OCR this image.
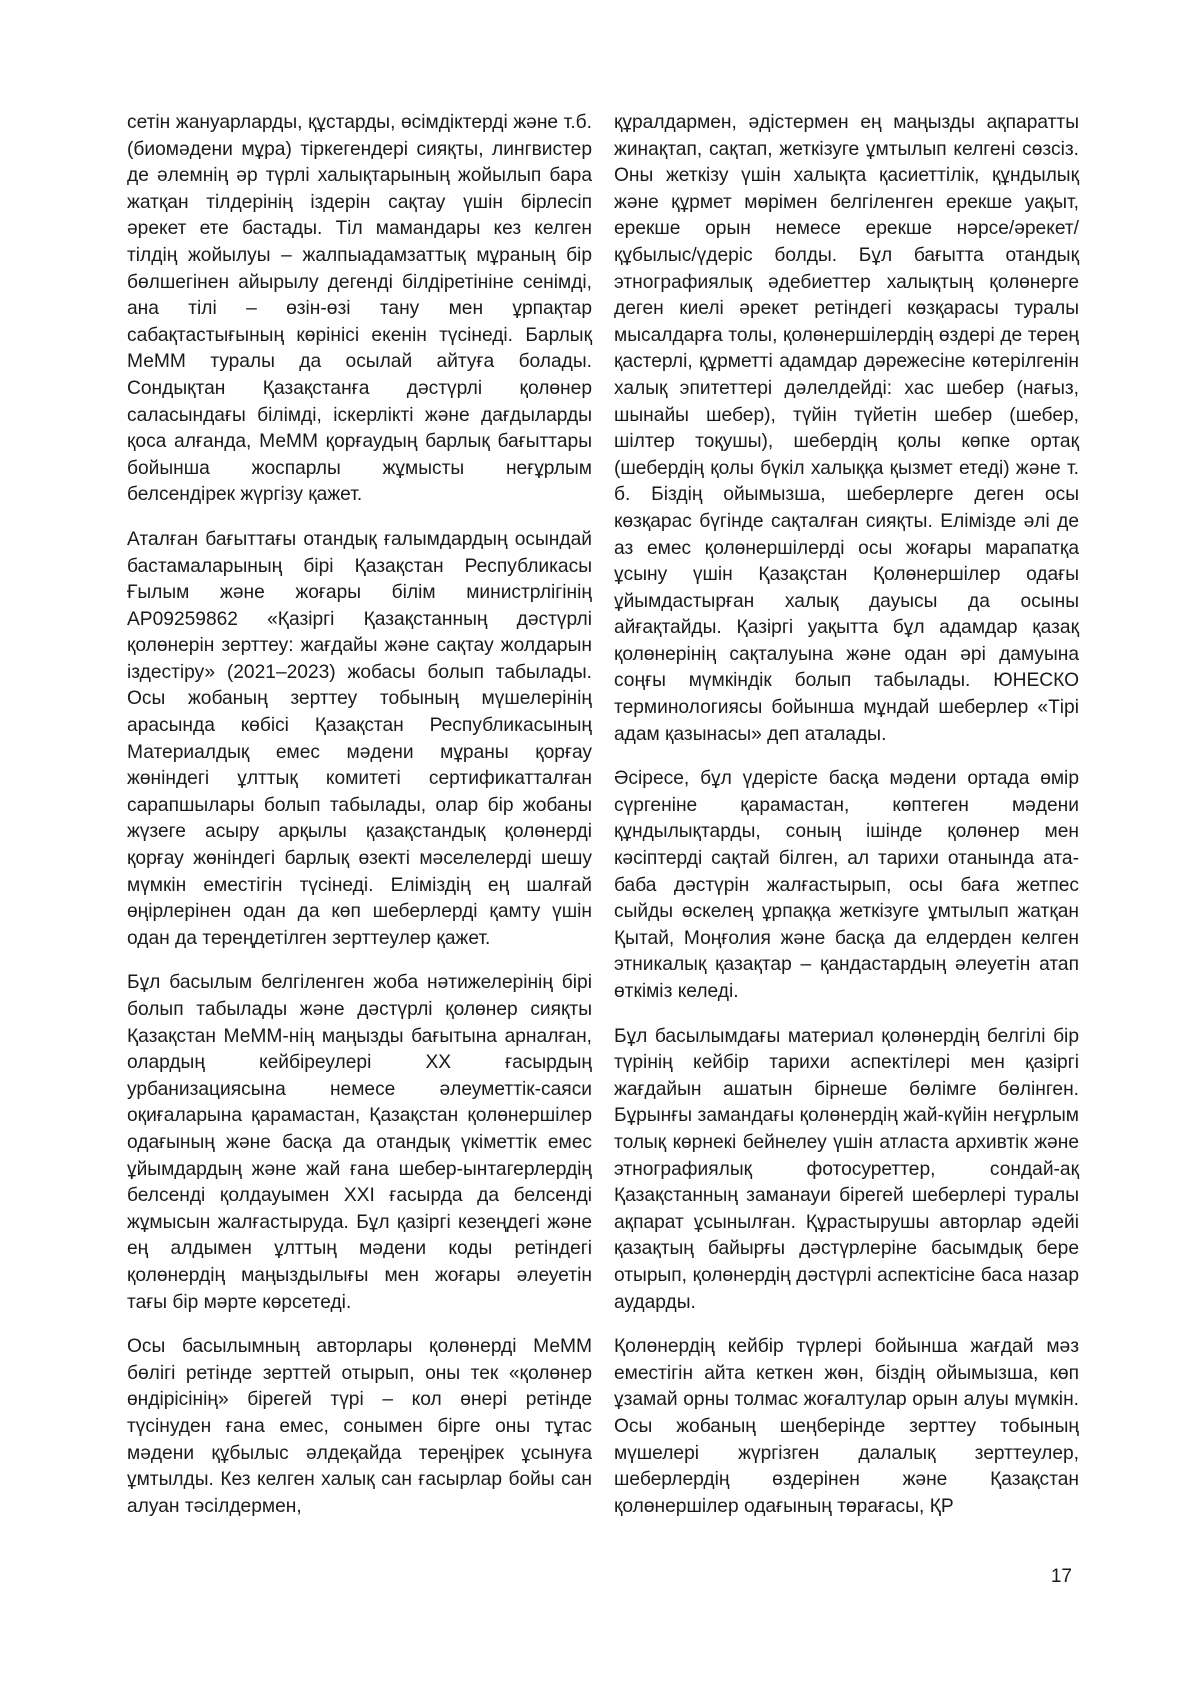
сетін жануарларды, құстарды, өсімдіктерді және т.б. (биомәдени мұра) тіркегендері сияқты, лингвистер де әлемнің әр түрлі халықтарының жойылып бара жатқан тілдерінің іздерін сақтау үшін бірлесіп әрекет ете бастады. Тіл мамандары кез келген тілдің жойылуы – жалпыадамзаттық мұраның бір бөлшегінен айырылу дегенді білдіретініне сенімді, ана тілі – өзін-өзі тану мен ұрпақтар сабақтастығының көрінісі екенін түсінеді. Барлық МеММ туралы да осылай айтуға болады. Сондықтан Қазақстанға дәстүрлі қолөнер саласындағы білімді, іскерлікті және дағдыларды қоса алғанда, МеММ қорғаудың барлық бағыттары бойынша жоспарлы жұмысты неғұрлым белсендірек жүргізу қажет.

Аталған бағыттағы отандық ғалымдардың осындай бастамаларының бірі Қазақстан Республикасы Ғылым және жоғары білім министрлігінің AP09259862 «Қазіргі Қазақстанның дәстүрлі қолөнерін зерттеу: жағдайы және сақтау жолдарын іздестіру» (2021–2023) жобасы болып табылады. Осы жобаның зерттеу тобының мүшелерінің арасында көбісі Қазақстан Республикасының Материалдық емес мәдени мұраны қорғау жөніндегі ұлттық комитеті сертификатталған сарапшылары болып табылады, олар бір жобаны жүзеге асыру арқылы қазақстандық қолөнерді қорғау жөніндегі барлық өзекті мәселелерді шешу мүмкін еместігін түсінеді. Еліміздің ең шалғай өңірлерінен одан да көп шеберлерді қамту үшін одан да тереңдетілген зерттеулер қажет.

Бұл басылым белгіленген жоба нәтижелерінің бірі болып табылады және дәстүрлі қолөнер сияқты Қазақстан МеММ-нің маңызды бағытына арналған, олардың кейбіреулері XX ғасырдың урбанизациясына немесе әлеуметтік-саяси оқиғаларына қарамастан, Қазақстан қолөнершілер одағының және басқа да отандық үкіметтік емес ұйымдардың және жай ғана шебер-ынтагерлердің белсенді қолдауымен XXI ғасырда да белсенді жұмысын жалғастыруда. Бұл қазіргі кезеңдегі және ең алдымен ұлттың мәдени коды ретіндегі қолөнердің маңыздылығы мен жоғары әлеуетін тағы бір мәрте көрсетеді.

Осы басылымның авторлары қолөнерді МеММ бөлігі ретінде зерттей отырып, оны тек «қолөнер өндірісінің» бірегей түрі – кол өнері ретінде түсінуден ғана емес, сонымен бірге оны тұтас мәдени құбылыс әлдеқайда тереңірек ұсынуға ұмтылды. Кез келген халық сан ғасырлар бойы сан алуан тәсілдермен,

құралдармен, әдістермен ең маңызды ақпаратты жинақтап, сақтап, жеткізуге ұмтылып келгені сөзсіз. Оны жеткізу үшін халықта қасиеттілік, құндылық және құрмет мөрімен белгіленген ерекше уақыт, ерекше орын немесе ерекше нәрсе/әрекет/құбылыс/үдеріс болды. Бұл бағытта отандық этнографиялық әдебиеттер халықтың қолөнерге деген киелі әрекет ретіндегі көзқарасы туралы мысалдарға толы, қолөнершілердің өздері де терең қастерлі, құрметті адамдар дәрежесіне көтерілгенін халық эпитеттері дәлелдейді: хас шебер (нағыз, шынайы шебер), түйін түйетін шебер (шебер, шілтер тоқушы), шебердің қолы көпке ортақ (шебердің қолы бүкіл халыққа қызмет етеді) және т. б. Біздің ойымызша, шеберлерге деген осы көзқарас бүгінде сақталған сияқты. Елімізде әлі де аз емес қолөнершілерді осы жоғары марапатқа ұсыну үшін Қазақстан Қолөнершілер одағы ұйымдастырған халық дауысы да осыны айғақтайды. Қазіргі уақытта бұл адамдар қазақ қолөнерінің сақталуына және одан әрі дамуына соңғы мүмкіндік болып табылады. ЮНЕСКО терминологиясы бойынша мұндай шеберлер «Тірі адам қазынасы» деп аталады.

Әсіресе, бұл үдерісте басқа мәдени ортада өмір сүргеніне қарамастан, көптеген мәдени құндылықтарды, соның ішінде қолөнер мен кәсіптерді сақтай білген, ал тарихи отанында ата-баба дәстүрін жалғастырып, осы баға жетпес сыйды өскелең ұрпаққа жеткізуге ұмтылып жатқан Қытай, Моңғолия және басқа да елдерден келген этникалық қазақтар – қандастардың әлеуетін атап өткіміз келеді.

Бұл басылымдағы материал қолөнердің белгілі бір түрінің кейбір тарихи аспектілері мен қазіргі жағдайын ашатын бірнеше бөлімге бөлінген. Бұрынғы замандағы қолөнердің жай-күйін неғұрлым толық көрнекі бейнелеу үшін атласта архивтік және этнографиялық фотосуреттер, сондай-ақ Қазақстанның заманауи бірегей шеберлері туралы ақпарат ұсынылған. Құрастырушы авторлар әдейі қазақтың байырғы дәстүрлеріне басымдық бере отырып, қолөнердің дәстүрлі аспектісіне баса назар аударды.

Қолөнердің кейбір түрлері бойынша жағдай мәз еместігін айта кеткен жөн, біздің ойымызша, көп ұзамай орны толмас жоғалтулар орын алуы мүмкін. Осы жобаның шеңберінде зерттеу тобының мүшелері жүргізген далалық зерттеулер, шеберлердің өздерінен және Қазақстан қолөнершілер одағының төрағасы, ҚР

17
